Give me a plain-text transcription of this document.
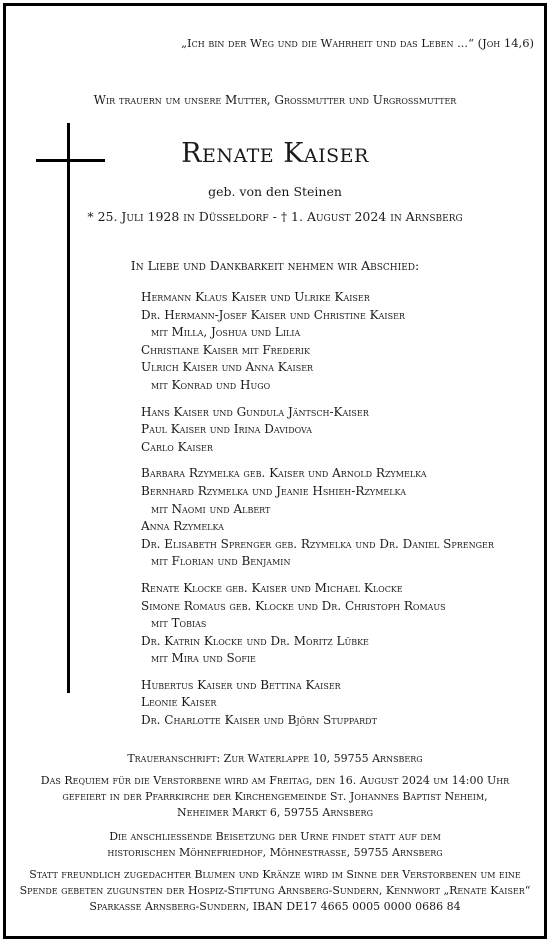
„Ich bin der Weg und die Wahrheit und das Leben ...“ (Joh 14,6)
Wir trauern um unsere Mutter, Grossmutter und Urgrossmutter
Renate Kaiser
geb. von den Steinen
* 25. Juli 1928 in Düsseldorf - † 1. August 2024 in Arnsberg
In Liebe und Dankbarkeit nehmen wir Abschied:
Hermann Klaus Kaiser und Ulrike Kaiser
Dr. Hermann-Josef Kaiser und Christine Kaiser
mit Milla, Joshua und Lilia
Christiane Kaiser mit Frederik
Ulrich Kaiser und Anna Kaiser
mit Konrad und Hugo
Hans Kaiser und Gundula Jäntsch-Kaiser
Paul Kaiser und Irina Davidova
Carlo Kaiser
Barbara Rzymelka geb. Kaiser und Arnold Rzymelka
Bernhard Rzymelka und Jeanie Hshieh-Rzymelka
mit Naomi und Albert
Anna Rzymelka
Dr. Elisabeth Sprenger geb. Rzymelka und Dr. Daniel Sprenger
mit Florian und Benjamin
Renate Klocke geb. Kaiser und Michael Klocke
Simone Romaus geb. Klocke und Dr. Christoph Romaus
mit Tobias
Dr. Katrin Klocke und Dr. Moritz Lübke
mit Mira und Sofie
Hubertus Kaiser und Bettina Kaiser
Leonie Kaiser
Dr. Charlotte Kaiser und Björn Stuppardt
Traueranschrift: Zur Waterlappe 10, 59755 Arnsberg
Das Requiem für die Verstorbene wird am Freitag, den 16. August 2024 um 14:00 Uhr
gefeiert in der Pfarrkirche der Kirchengemeinde St. Johannes Baptist Neheim,
Neheimer Markt 6, 59755 Arnsberg
Die anschliessende Beisetzung der Urne findet statt auf dem
historischen Möhnefriedhof, Möhnestrasse, 59755 Arnsberg
Statt freundlich zugedachter Blumen und Kränze wird im Sinne der Verstorbenen um eine
Spende gebeten zugunsten der Hospiz-Stiftung Arnsberg-Sundern, Kennwort „Renate Kaiser“
Sparkasse Arnsberg-Sundern, IBAN DE17 4665 0005 0000 0686 84
